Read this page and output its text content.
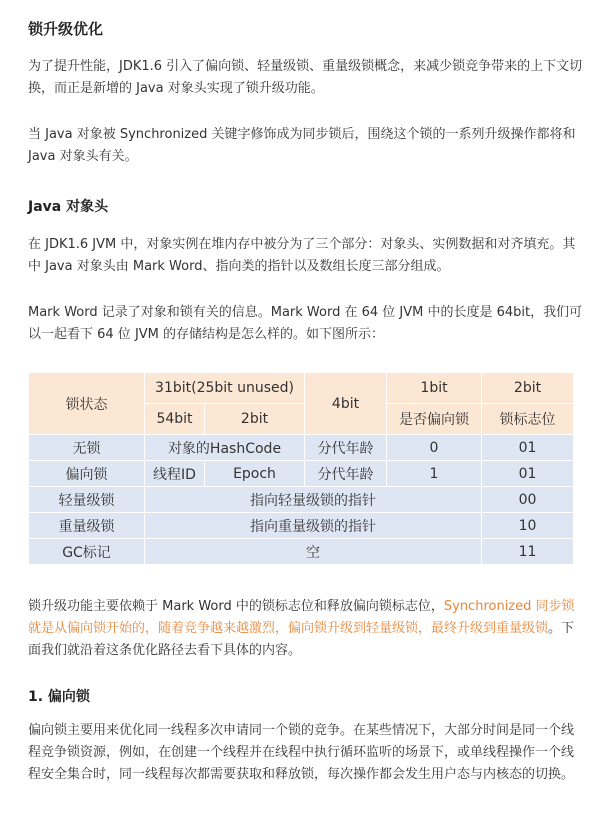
锁升级优化

为了提升性能，JDK1.6 引入了偏向锁、轻量级锁、重量级锁概念，来减少锁竞争带来的上下文切换，而正是新增的 Java 对象头实现了锁升级功能。

当 Java 对象被 Synchronized 关键字修饰成为同步锁后，围绕这个锁的一系列升级操作都将和 Java 对象头有关。

Java 对象头

在 JDK1.6 JVM 中，对象实例在堆内存中被分为了三个部分：对象头、实例数据和对齐填充。其中 Java 对象头由 Mark Word、指向类的指针以及数组长度三部分组成。

Mark Word 记录了对象和锁有关的信息。Mark Word 在 64 位 JVM 中的长度是 64bit，我们可以一起看下 64 位 JVM 的存储结构是怎么样的。如下图所示：

锁状态	31bit(25bit unused)		4bit	1bit	2bit
	54bit	2bit		是否偏向锁	锁标志位
无锁	对象的HashCode		分代年龄	0	01
偏向锁	线程ID	Epoch	分代年龄	1	01
轻量级锁	指向轻量级锁的指针				00
重量级锁	指向重量级锁的指针				10
GC标记	空				11

锁升级功能主要依赖于 Mark Word 中的锁标志位和释放偏向锁标志位，Synchronized 同步锁就是从偏向锁开始的，随着竞争越来越激烈，偏向锁升级到轻量级锁，最终升级到重量级锁。下面我们就沿着这条优化路径去看下具体的内容。

1. 偏向锁

偏向锁主要用来优化同一线程多次申请同一个锁的竞争。在某些情况下，大部分时间是同一个线程竞争锁资源，例如，在创建一个线程并在线程中执行循环监听的场景下，或单线程操作一个线程安全集合时，同一线程每次都需要获取和释放锁，每次操作都会发生用户态与内核态的切换。
